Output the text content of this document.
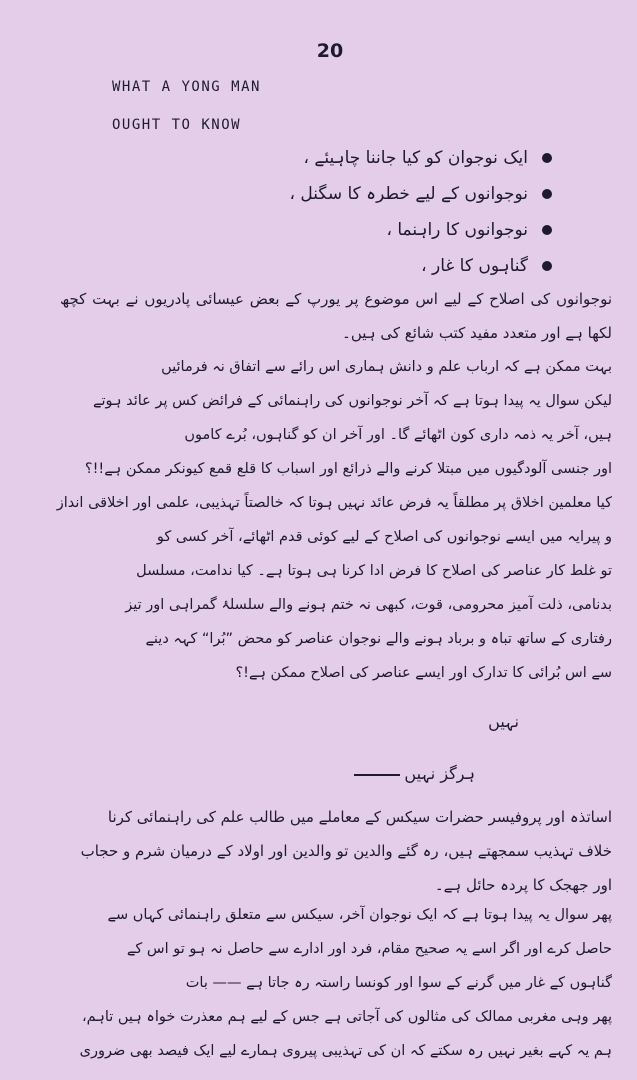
20
WHAT A YONG MAN
OUGHT TO KNOW
ایک نوجوان کو کیا جاننا چاہیئے ،
نوجوانوں کے لیے خطرہ کا سگنل ،
نوجوانوں کا راہنما ،
گناہوں کا غار ،

نوجوانوں کی اصلاح کے لیے اس موضوع پر یورپ کے بعض عیسائی پادریوں نے بہت کچھ لکھا ہے اور متعدد مفید کتب شائع کی ہیں۔

بہت ممکن ہے کہ ارباب علم و دانش ہماری اس رائے سے اتفاق نہ فرمائیں
لیکن سوال یہ پیدا ہوتا ہے کہ آخر نوجوانوں کی راہنمائی کے فرائض کس پر عائد ہوتے
ہیں، آخر یہ ذمہ داری کون اٹھائے گا۔ اور آخر ان کو گناہوں، بُرے کاموں
اور جنسی آلودگیوں میں مبتلا کرنے والے ذرائع اور اسباب کا قلع قمع کیونکر ممکن ہے!!؟
کیا معلمین اخلاق پر مطلقاً یہ فرض عائد نہیں ہوتا کہ خالصتاً تہذیبی، علمی اور اخلاقی انداز
و پیرایہ میں ایسے نوجوانوں کی اصلاح کے لیے کوئی قدم اٹھائے، آخر کسی کو
تو غلط کار عناصر کی اصلاح کا فرض ادا کرنا ہی ہوتا ہے۔ کیا ندامت، مسلسل
بدنامی، ذلت آمیز محرومی، قوت، کبھی نہ ختم ہونے والے سلسلۂ گمراہی اور تیز
رفتاری کے ساتھ تباہ و برباد ہونے والے نوجوان عناصر کو محض ”بُرا“ کہہ دینے
سے اس بُرائی کا تدارک اور ایسے عناصر کی اصلاح ممکن ہے!؟
نہیں
ہرگز نہیں
اساتذہ اور پروفیسر حضرات سیکس کے معاملے میں طالب علم کی راہنمائی کرنا
خلاف تہذیب سمجھتے ہیں، رہ گئے والدین تو والدین اور اولاد کے درمیان شرم و حجاب
اور جھجک کا پردہ حائل ہے۔
پھر سوال یہ پیدا ہوتا ہے کہ ایک نوجوان آخر، سیکس سے متعلق راہنمائی کہاں سے
حاصل کرے اور اگر اسے یہ صحیح مقام، فرد اور ادارے سے حاصل نہ ہو تو اس کے
گناہوں کے غار میں گرنے کے سوا اور کونسا راستہ رہ جاتا ہے —— بات
پھر وہی مغربی ممالک کی مثالوں کی آجاتی ہے جس کے لیے ہم معذرت خواہ ہیں تاہم،
ہم یہ کہے بغیر نہیں رہ سکتے کہ ان کی تہذیبی پیروی ہمارے لیے ایک فیصد بھی ضروری
